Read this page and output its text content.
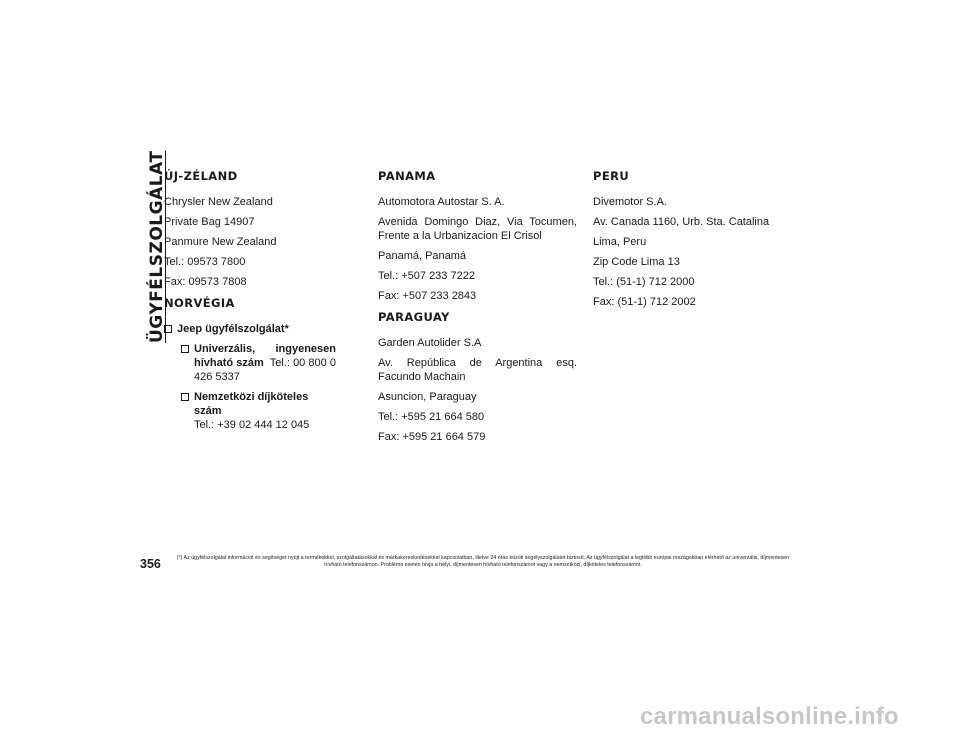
ÜGYFÉLSZOLGÁLAT
ÚJ-ZÉLAND
Chrysler New Zealand
Private Bag 14907
Panmure New Zealand
Tel.: 09573 7800
Fax: 09573 7808
NORVÉGIA
Jeep ügyfélszolgálat*
Univerzális, ingyenesen hívható szám Tel.: 00 800 0 426 5337
Nemzetközi díjköteles szám
Tel.: +39 02 444 12 045
PANAMA
Automotora Autostar S. A.
Avenida Domingo Diaz, Via Tocumen, Frente a la Urbanizacion El Crisol
Panamá, Panamá
Tel.: +507 233 7222
Fax: +507 233 2843
PARAGUAY
Garden Autolider S.A
Av. República de Argentina esq. Facundo Machain
Asuncion, Paraguay
Tel.: +595 21 664 580
Fax: +595 21 664 579
PERU
Divemotor S.A.
Av. Canada 1160, Urb. Sta. Catalina
Lima, Peru
Zip Code Lima 13
Tel.: (51-1) 712 2000
Fax: (51-1) 712 2002
356	(*) Az ügyfélszolgálat információt és segítséget nyújt a termékekkel, szolgáltatásokkal és márkakereskedésekkel kapcsolatban, illetve 24 órás közúti segélyszolgálatot biztosít. Az ügyfélszolgálat a legtöbb európai országokban elérhető az univerzális, díjmentesen hívható telefonszámon. Probléma esetén hívja a helyi, díjmentesen hívható telefonszámot vagy a nemzetközi, díjköteles telefonszámot.
carmanualsonline.info
